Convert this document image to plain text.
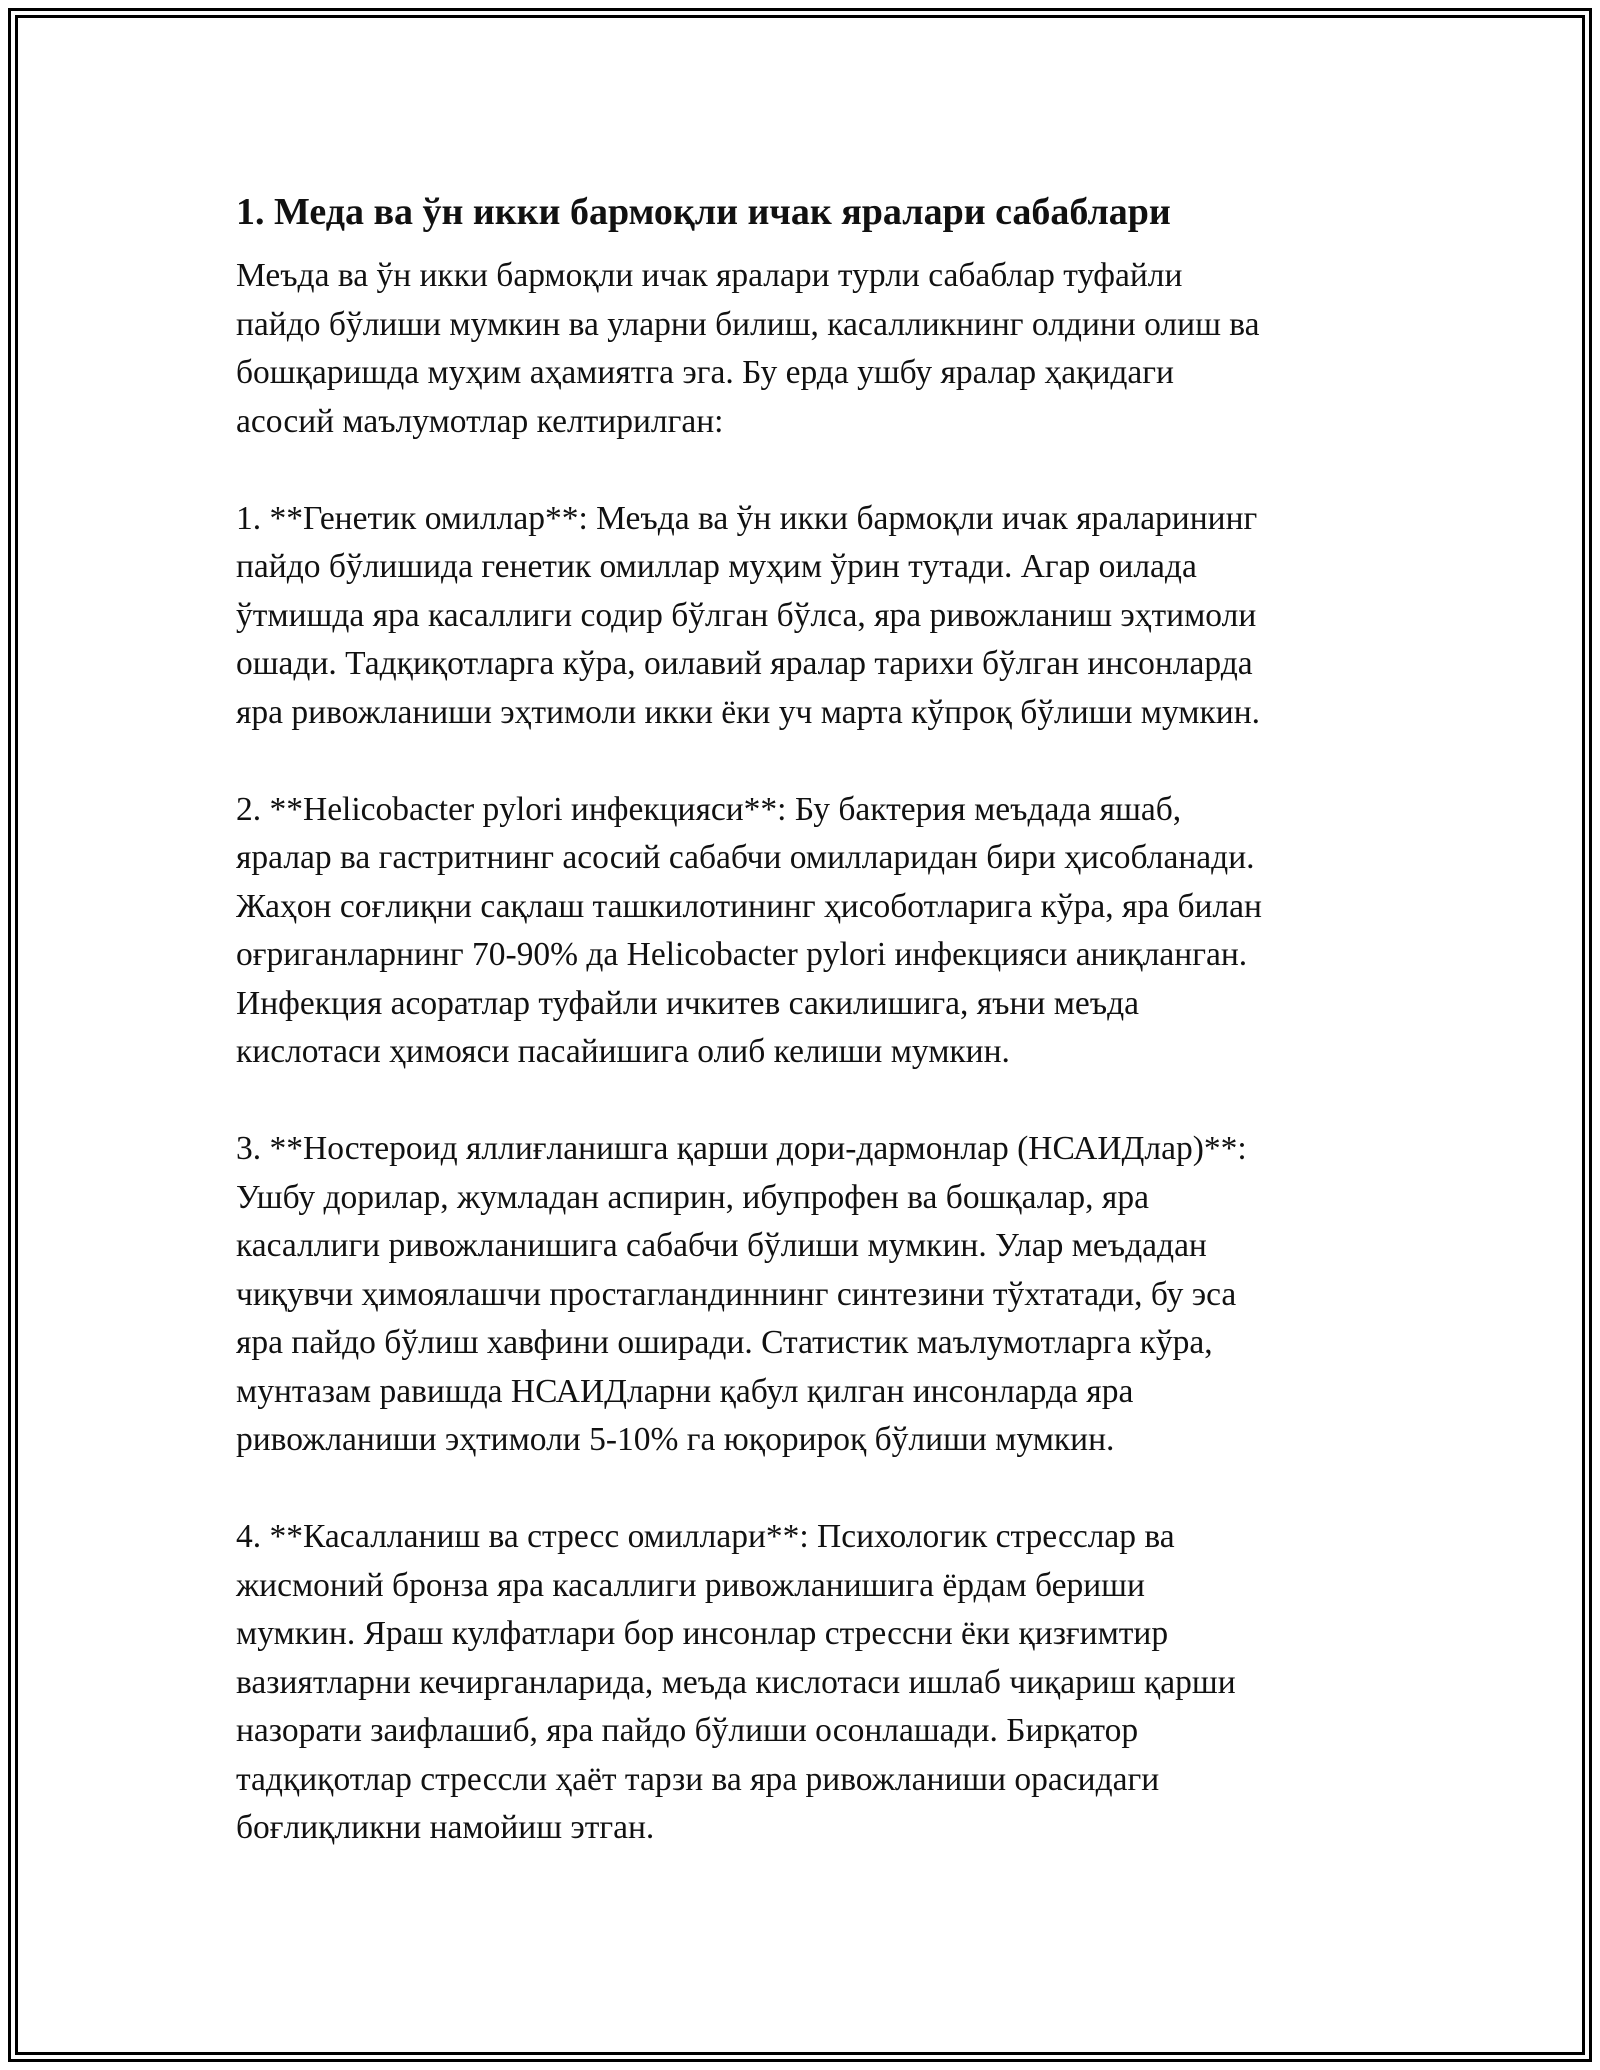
1. Меда ва ўн икки бармоқли ичак яралари сабаблари
Меъда ва ўн икки бармоқли ичак яралари турли сабаблар туфайли
пайдо бўлиши мумкин ва уларни билиш, касалликнинг олдини олиш ва
бошқаришда муҳим аҳамиятга эга. Бу ерда ушбу яралар ҳақидаги
асосий маълумотлар келтирилган:
1. **Генетик омиллар**: Меъда ва ўн икки бармоқли ичак яраларининг
пайдо бўлишида генетик омиллар муҳим ўрин тутади. Агар оилада
ўтмишда яра касаллиги содир бўлган бўлса, яра ривожланиш эҳтимоли
ошади. Тадқиқотларга кўра, оилавий яралар тарихи бўлган инсонларда
яра ривожланиши эҳтимоли икки ёки уч марта кўпроқ бўлиши мумкин.
2. **Helicobacter pylori инфекцияси**: Бу бактерия меъдада яшаб,
яралар ва гастритнинг асосий сабабчи омилларидан бири ҳисобланади.
Жаҳон соғлиқни сақлаш ташкилотининг ҳисоботларига кўра, яра билан
оғриганларнинг 70-90% да Helicobacter pylori инфекцияси аниқланган.
Инфекция асоратлар туфайли ичкитев сакилишига, яъни меъда
кислотаси ҳимояси пасайишига олиб келиши мумкин.
3. **Ностероид яллиғланишга қарши дори-дармонлар (НСАИДлар)**:
Ушбу дорилар, жумладан аспирин, ибупрофен ва бошқалар, яра
касаллиги ривожланишига сабабчи бўлиши мумкин. Улар меъдадан
чиқувчи ҳимоялашчи простагландиннинг синтезини тўхтатади, бу эса
яра пайдо бўлиш хавфини оширади. Статистик маълумотларга кўра,
мунтазам равишда НСАИДларни қабул қилган инсонларда яра
ривожланиши эҳтимоли 5-10% га юқорироқ бўлиши мумкин.
4. **Касалланиш ва стресс омиллари**: Психологик стресслар ва
жисмоний бронза яра касаллиги ривожланишига ёрдам бериши
мумкин. Яраш кулфатлари бор инсонлар стрессни ёки қизғимтир
вазиятларни кечирганларида, меъда кислотаси ишлаб чиқариш қарши
назорати заифлашиб, яра пайдо бўлиши осонлашади. Бирқатор
тадқиқотлар стрессли ҳаёт тарзи ва яра ривожланиши орасидаги
боғлиқликни намойиш этган.
